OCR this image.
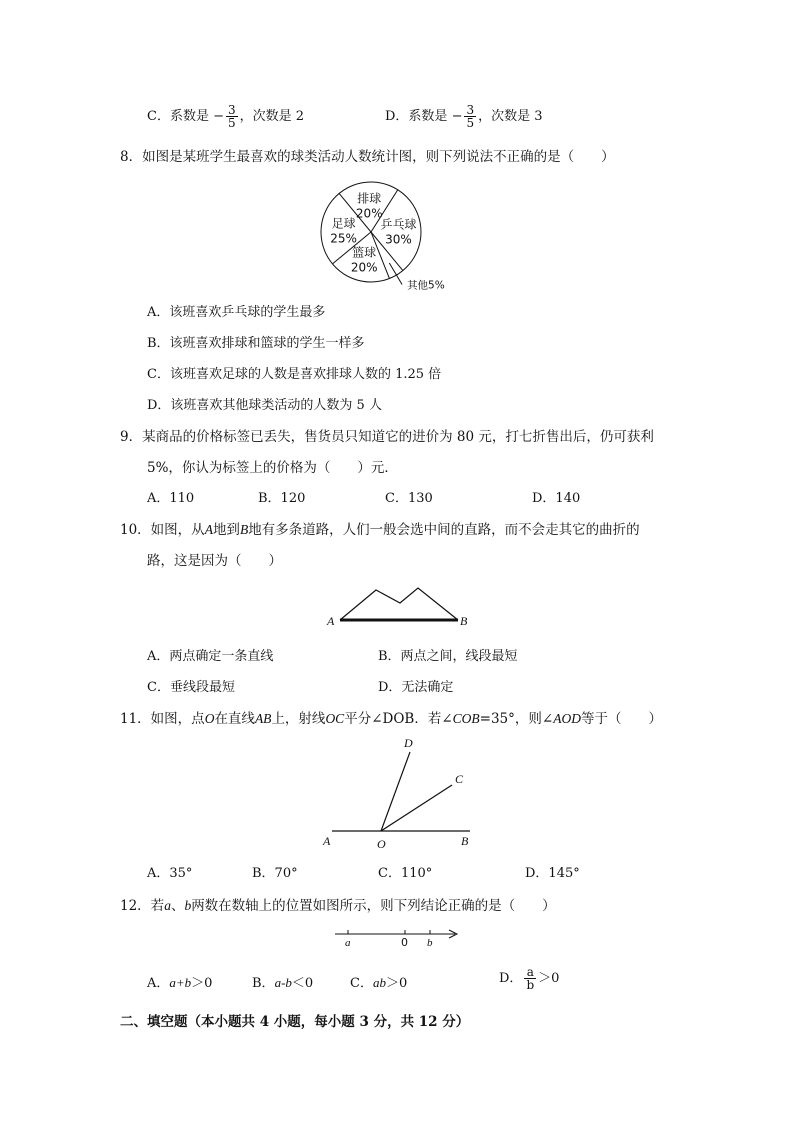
C．系数是 − $\frac{3}{5}$ ，次数是 2	D．系数是 − $\frac{3}{5}$ ，次数是 3
8．如图是某班学生最喜欢的球类活动人数统计图，则下列说法不正确的是（　　）
排球
20%
乒乓球
30%
其他5%
篮球
20%
足球
25%
A．该班喜欢乒乓球的学生最多
B．该班喜欢排球和篮球的学生一样多
C．该班喜欢足球的人数是喜欢排球人数的 1.25 倍
D．该班喜欢其他球类活动的人数为 5 人
9．某商品的价格标签已丢失，售货员只知道它的进价为 80 元，打七折售出后，仍可获利
5%，你认为标签上的价格为（　　）元．
A．110	B．120	C．130	D．140
10．如图，从A地到B地有多条道路，人们一般会选中间的直路，而不会走其它的曲折的
路，这是因为（　　）
A	B
A．两点确定一条直线	B．两点之间，线段最短
C．垂线段最短	D．无法确定
11．如图，点O在直线AB上，射线OC平分∠DOB．若∠COB=35°，则∠AOD等于（　　）
A	B
O
D
C
A．35°	B．70°	C．110°	D．145°
12．若a、b两数在数轴上的位置如图所示，则下列结论正确的是（　　）
a	0 b
A．a+b＞0	B．a-b＜0	C．ab＞0	D． $\frac{a}{b} >0$
二、填空题（本小题共 4 小题，每小题 3 分，共 12 分）
